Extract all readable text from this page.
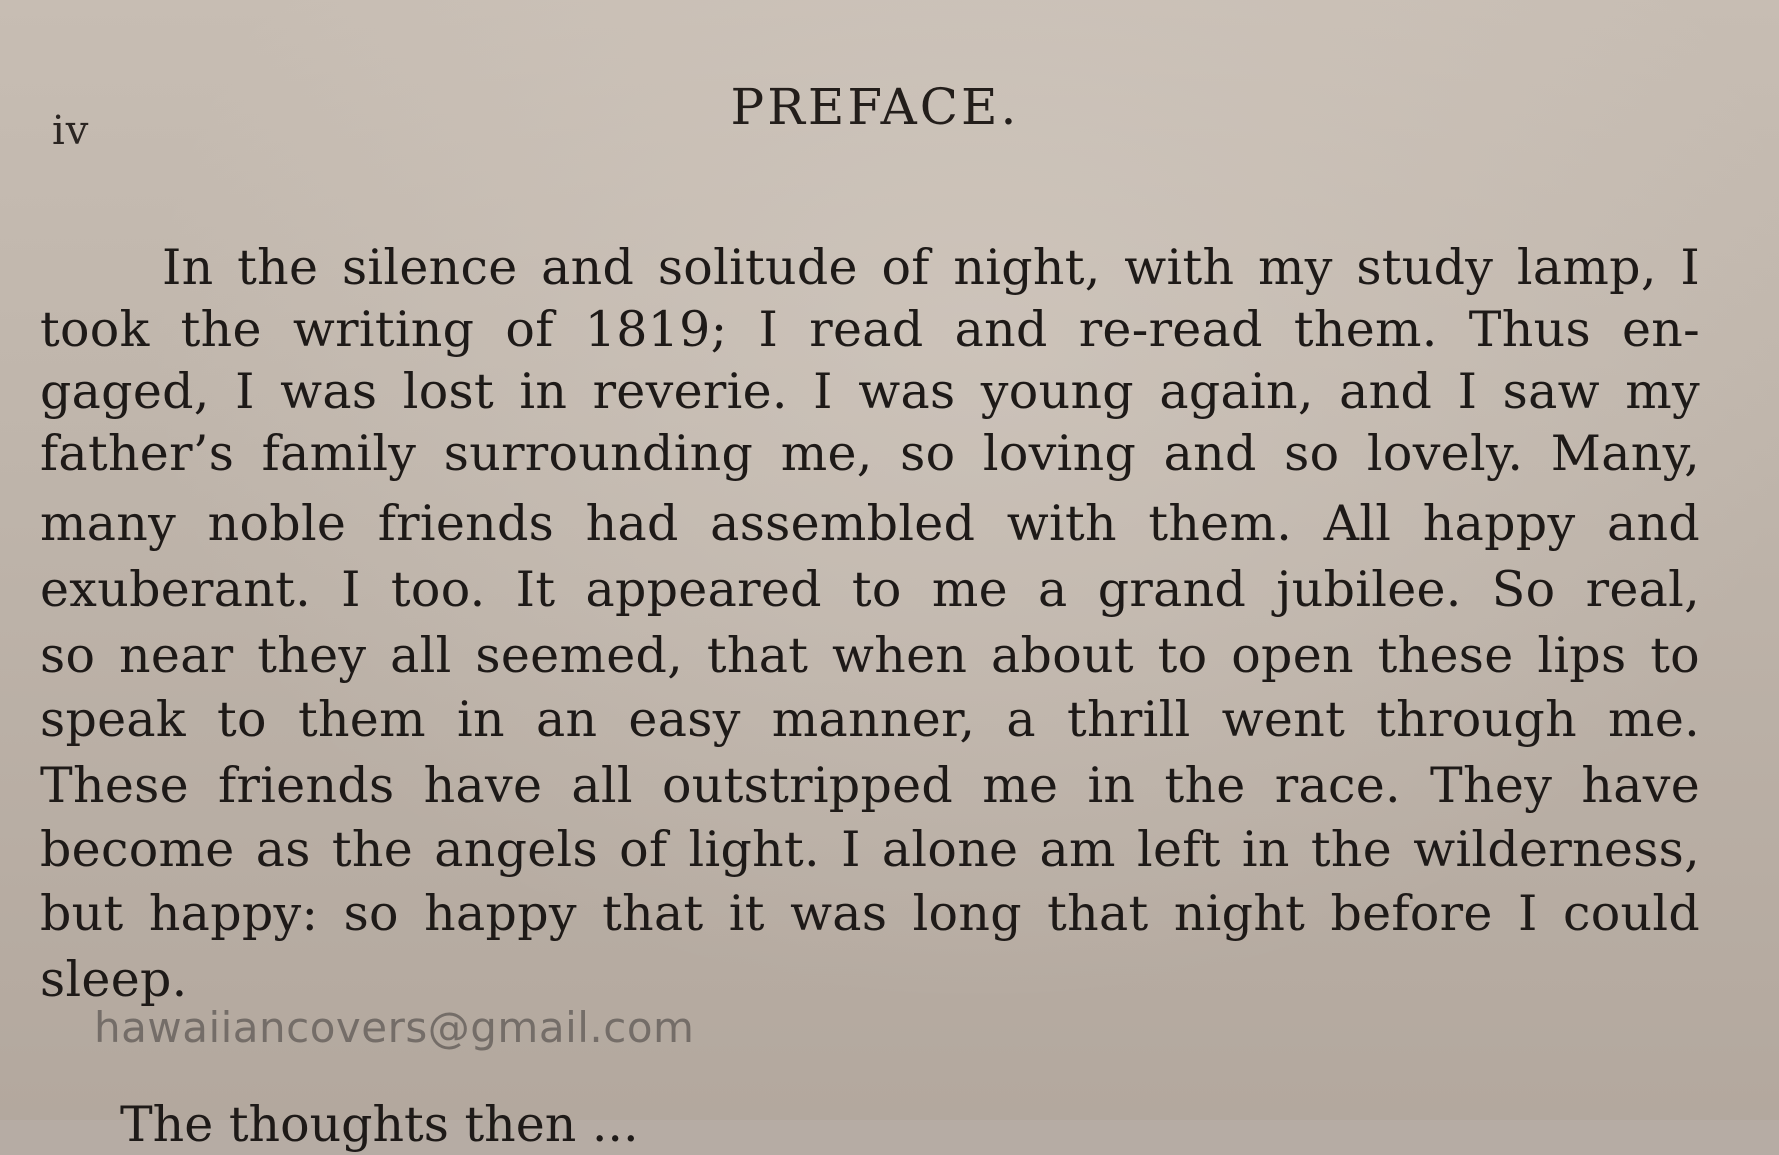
iv	PREFACE.
In the silence and solitude of night, with my study lamp, I
took the writing of 1819; I read and re-read them. Thus en-
gaged, I was lost in reverie. I was young again, and I saw my
father’s family surrounding me, so loving and so lovely. Many,
many noble friends had assembled with them. All happy and
exuberant. I too. It appeared to me a grand jubilee. So real,
so near they all seemed, that when about to open these lips to
speak to them in an easy manner, a thrill went through me.
These friends have all outstripped me in the race. They have
become as the angels of light. I alone am left in the wilderness,
but happy: so happy that it was long that night before I could
sleep.
The thoughts then ...
hawaiiancovers@gmail.com
